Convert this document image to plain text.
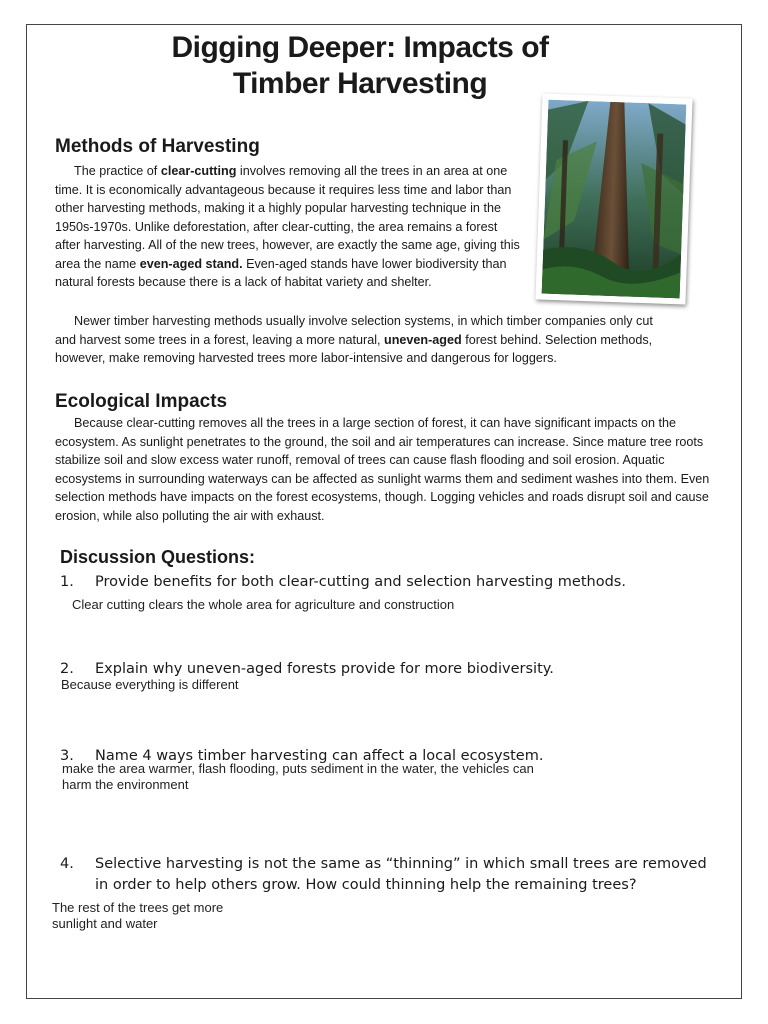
Digging Deeper: Impacts of
Timber Harvesting
Methods of Harvesting

The practice of clear-cutting involves removing all the trees in an area at one time. It is economically advantageous because it requires less time and labor than other harvesting methods, making it a highly popular harvesting technique in the 1950s-1970s. Unlike deforestation, after clear-cutting, the area remains a forest after harvesting. All of the new trees, however, are exactly the same age, giving this area the name even-aged stand. Even-aged stands have lower biodiversity than natural forests because there is a lack of habitat variety and shelter.

Newer timber harvesting methods usually involve selection systems, in which timber companies only cut and harvest some trees in a forest, leaving a more natural, uneven-aged forest behind. Selection methods, however, make removing harvested trees more labor-intensive and dangerous for loggers.

Ecological Impacts

Because clear-cutting removes all the trees in a large section of forest, it can have significant impacts on the ecosystem. As sunlight penetrates to the ground, the soil and air temperatures can increase. Since mature tree roots stabilize soil and slow excess water runoff, removal of trees can cause flash flooding and soil erosion. Aquatic ecosystems in surrounding waterways can be affected as sunlight warms them and sediment washes into them. Even selection methods have impacts on the forest ecosystems, though. Logging vehicles and roads disrupt soil and cause erosion, while also polluting the air with exhaust.

Discussion Questions:
1.	Provide benefits for both clear-cutting and selection harvesting methods.

Clear cutting clears the whole area for agriculture and construction

2.	Explain why uneven-aged forests provide for more biodiversity.

Because everything is different

3.	Name 4 ways timber harvesting can affect a local ecosystem.

make the area warmer, flash flooding, puts sediment in the water, the vehicles can harm the environment

4.	Selective harvesting is not the same as “thinning” in which small trees are removed in order to help others grow. How could thinning help the remaining trees?

The rest of the trees get more sunlight and water
